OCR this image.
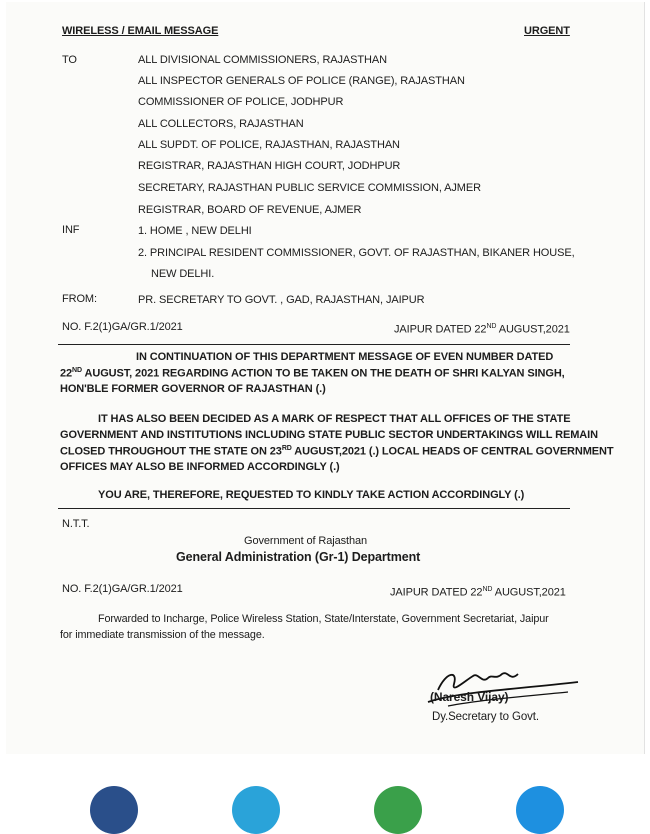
WIRELESS / EMAIL MESSAGE	URGENT
TO	ALL DIVISIONAL COMMISSIONERS, RAJASTHAN
ALL INSPECTOR GENERALS OF POLICE (RANGE), RAJASTHAN
COMMISSIONER OF POLICE, JODHPUR
ALL COLLECTORS, RAJASTHAN
ALL SUPDT. OF POLICE, RAJASTHAN, RAJASTHAN
REGISTRAR, RAJASTHAN HIGH COURT, JODHPUR
SECRETARY, RAJASTHAN PUBLIC SERVICE COMMISSION, AJMER
REGISTRAR, BOARD OF REVENUE, AJMER
INF	1. HOME , NEW DELHI
2. PRINCIPAL RESIDENT COMMISSIONER, GOVT. OF RAJASTHAN, BIKANER HOUSE,
NEW DELHI.
FROM:	PR. SECRETARY TO GOVT. , GAD, RAJASTHAN, JAIPUR
NO. F.2(1)GA/GR.1/2021	JAIPUR DATED 22ND AUGUST,2021
IN CONTINUATION OF THIS DEPARTMENT MESSAGE OF EVEN NUMBER DATED
22ND AUGUST, 2021 REGARDING ACTION TO BE TAKEN ON THE DEATH OF SHRI KALYAN SINGH,
HON'BLE FORMER GOVERNOR OF RAJASTHAN (.)
IT HAS ALSO BEEN DECIDED AS A MARK OF RESPECT THAT ALL OFFICES OF THE STATE
GOVERNMENT AND INSTITUTIONS INCLUDING STATE PUBLIC SECTOR UNDERTAKINGS WILL REMAIN
CLOSED THROUGHOUT THE STATE ON 23RD AUGUST,2021 (.) LOCAL HEADS OF CENTRAL GOVERNMENT
OFFICES MAY ALSO BE INFORMED ACCORDINGLY (.)
YOU ARE, THEREFORE, REQUESTED TO KINDLY TAKE ACTION ACCORDINGLY (.)
N.T.T.
Government of Rajasthan
General Administration (Gr-1) Department
NO. F.2(1)GA/GR.1/2021	JAIPUR DATED 22ND AUGUST,2021
Forwarded to Incharge, Police Wireless Station, State/Interstate, Government Secretariat, Jaipur
for immediate transmission of the message.
(Naresh Vijay)
Dy.Secretary to Govt.
